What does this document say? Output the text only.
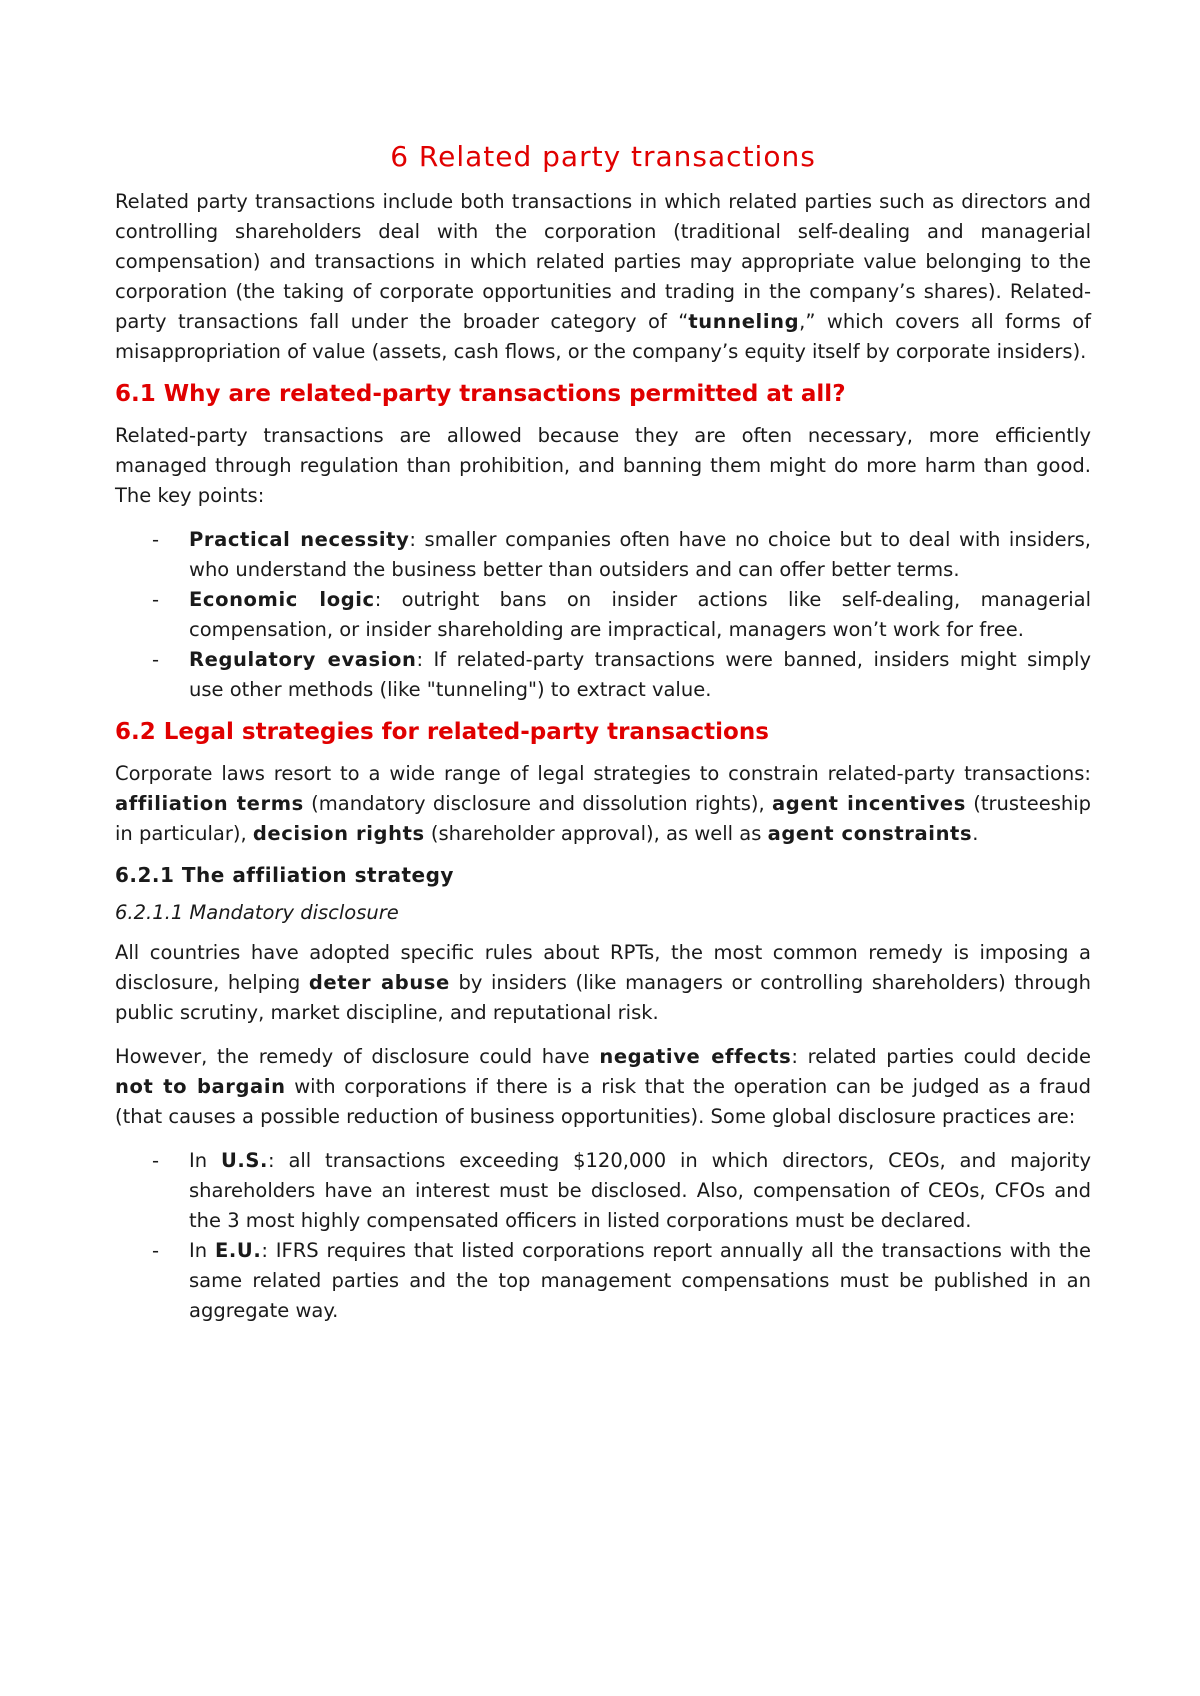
6 Related party transactions

Related party transactions include both transactions in which related parties such as directors and controlling shareholders deal with the corporation (traditional self-dealing and managerial compensation) and transactions in which related parties may appropriate value belonging to the corporation (the taking of corporate opportunities and trading in the company’s shares). Related-party transactions fall under the broader category of “tunneling,” which covers all forms of misappropriation of value (assets, cash flows, or the company’s equity itself by corporate insiders).

6.1 Why are related-party transactions permitted at all?

Related-party transactions are allowed because they are often necessary, more efficiently managed through regulation than prohibition, and banning them might do more harm than good. The key points:

- Practical necessity: smaller companies often have no choice but to deal with insiders, who understand the business better than outsiders and can offer better terms.
- Economic logic: outright bans on insider actions like self-dealing, managerial compensation, or insider shareholding are impractical, managers won’t work for free.
- Regulatory evasion: If related-party transactions were banned, insiders might simply use other methods (like "tunneling") to extract value.
6.2 Legal strategies for related-party transactions

Corporate laws resort to a wide range of legal strategies to constrain related-party transactions: affiliation terms (mandatory disclosure and dissolution rights), agent incentives (trusteeship in particular), decision rights (shareholder approval), as well as agent constraints.

6.2.1 The affiliation strategy
6.2.1.1 Mandatory disclosure

All countries have adopted specific rules about RPTs, the most common remedy is imposing a disclosure, helping deter abuse by insiders (like managers or controlling shareholders) through public scrutiny, market discipline, and reputational risk.

However, the remedy of disclosure could have negative effects: related parties could decide not to bargain with corporations if there is a risk that the operation can be judged as a fraud (that causes a possible reduction of business opportunities). Some global disclosure practices are:

- In U.S.: all transactions exceeding $120,000 in which directors, CEOs, and majority shareholders have an interest must be disclosed. Also, compensation of CEOs, CFOs and the 3 most highly compensated officers in listed corporations must be declared.
- In E.U.: IFRS requires that listed corporations report annually all the transactions with the same related parties and the top management compensations must be published in an aggregate way.
